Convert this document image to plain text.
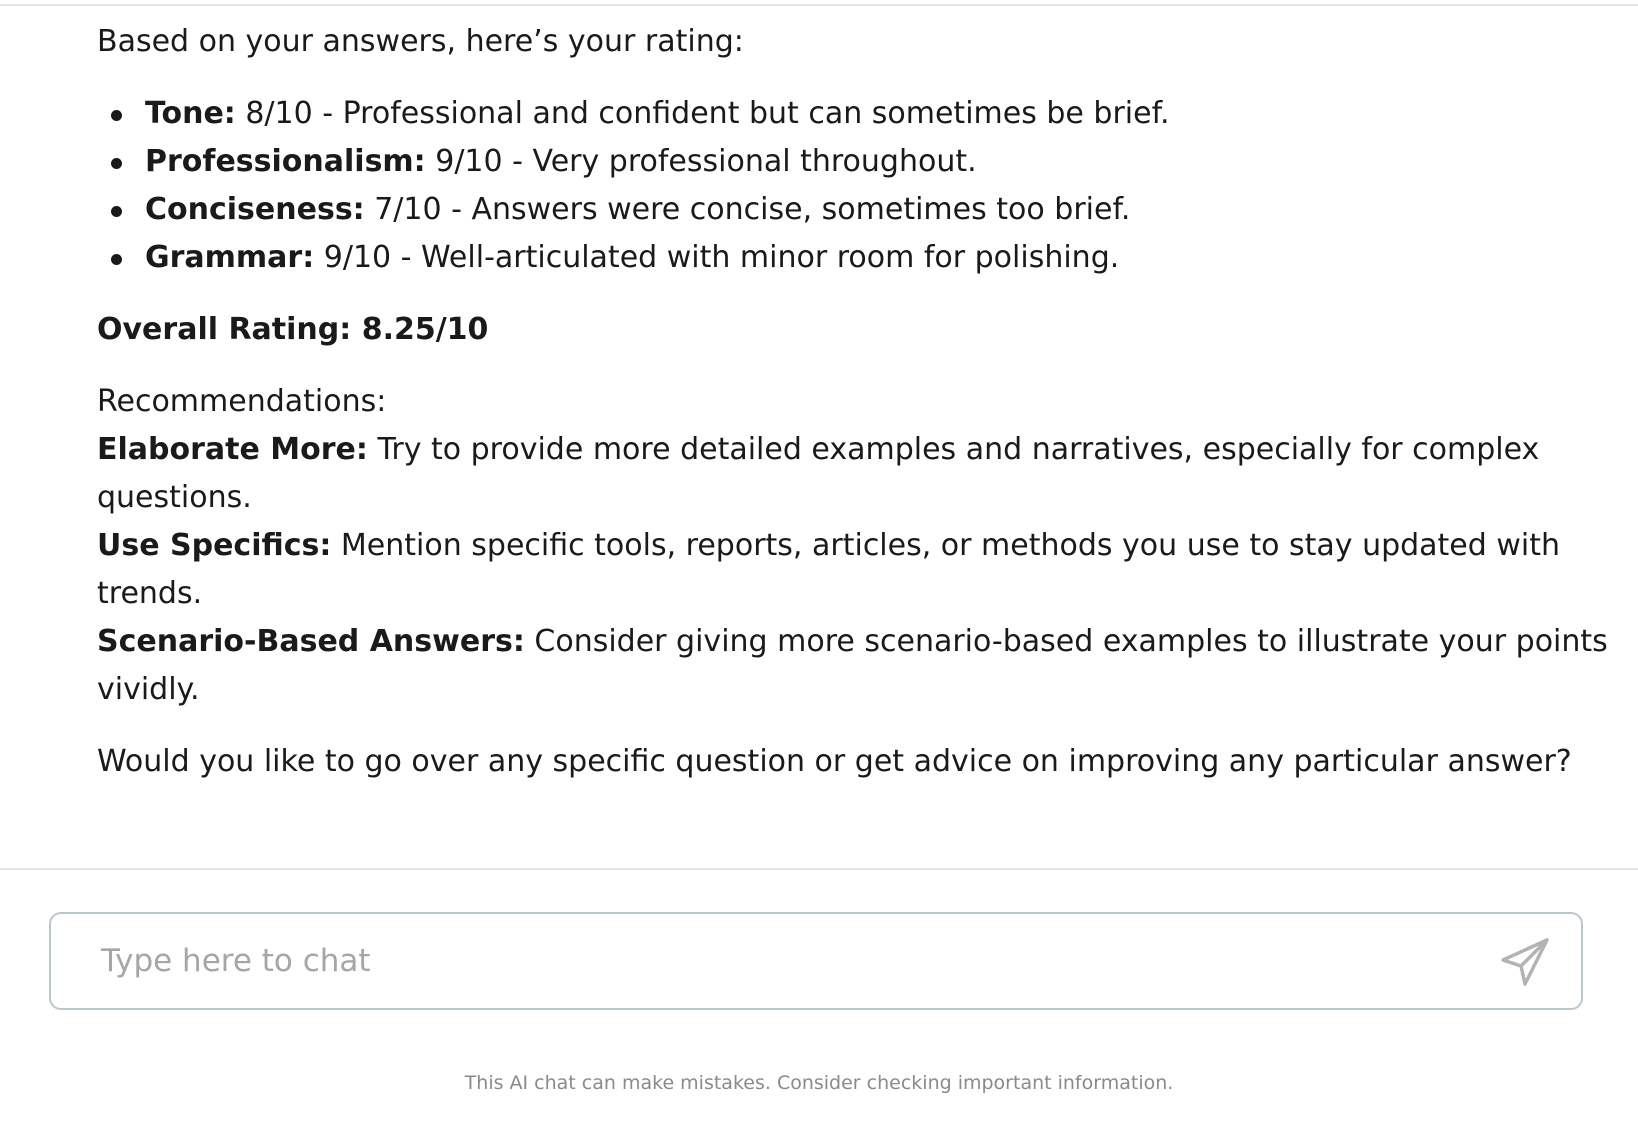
Based on your answers, here’s your rating:

Tone: 8/10 - Professional and confident but can sometimes be brief.
Professionalism: 9/10 - Very professional throughout.
Conciseness: 7/10 - Answers were concise, sometimes too brief.
Grammar: 9/10 - Well-articulated with minor room for polishing.

Overall Rating: 8.25/10

Recommendations:

Elaborate More: Try to provide more detailed examples and narratives, especially for complex questions.

Use Specifics: Mention specific tools, reports, articles, or methods you use to stay updated with trends.

Scenario-Based Answers: Consider giving more scenario-based examples to illustrate your points vividly.

Would you like to go over any specific question or get advice on improving any particular answer?

Type here to chat
This AI chat can make mistakes. Consider checking important information.
